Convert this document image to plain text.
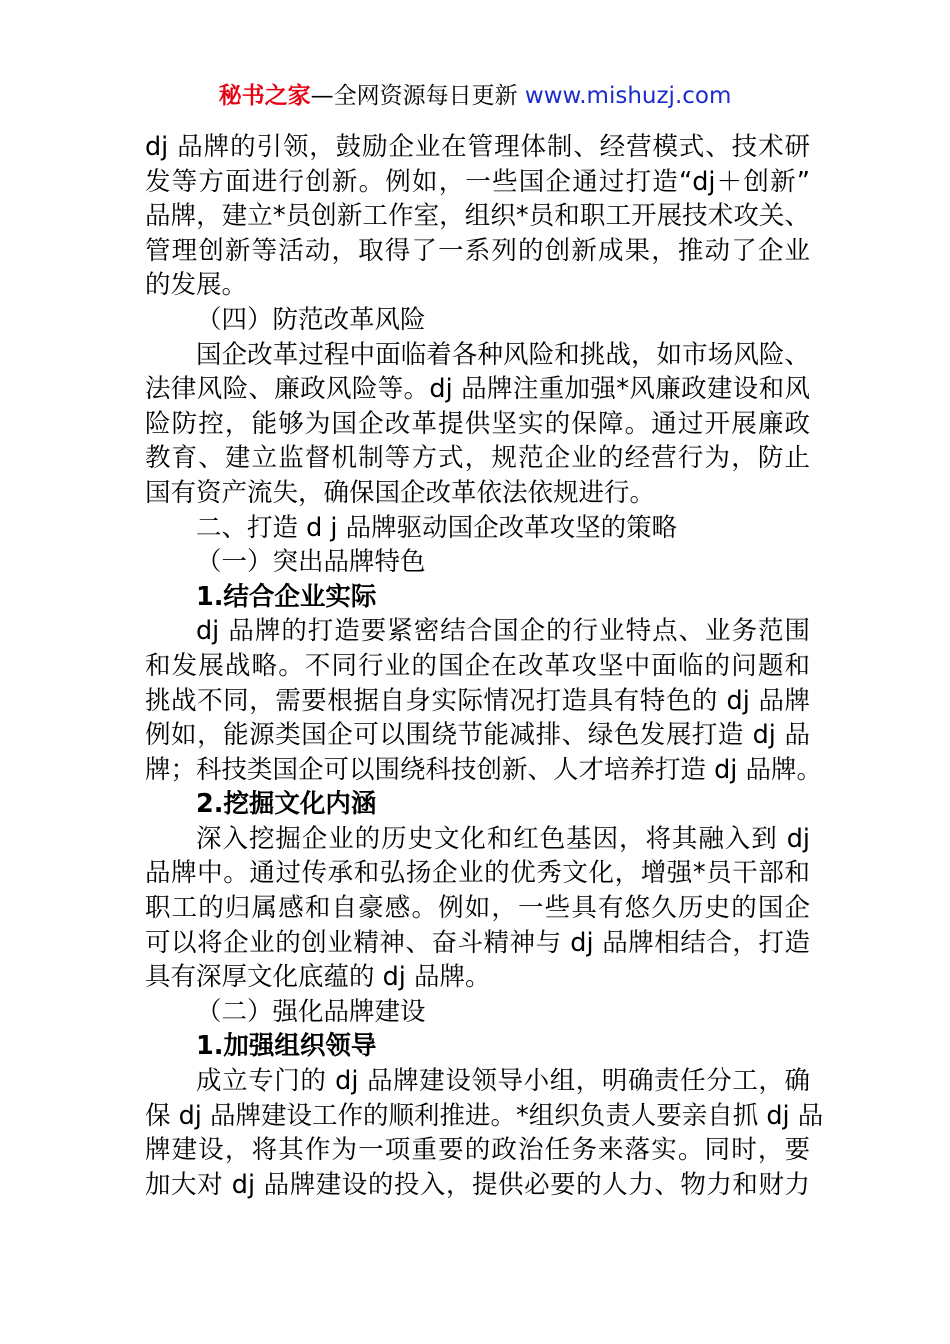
秘书之家—全网资源每日更新 www.mishuzj.com

dj 品牌的引领，鼓励企业在管理体制、经营模式、技术研
发等方面进行创新。例如，一些国企通过打造“dj＋创新”
品牌，建立*员创新工作室，组织*员和职工开展技术攻关、
管理创新等活动，取得了一系列的创新成果，推动了企业
的发展。
（四）防范改革风险
国企改革过程中面临着各种风险和挑战，如市场风险、
法律风险、廉政风险等。dj 品牌注重加强*风廉政建设和风
险防控，能够为国企改革提供坚实的保障。通过开展廉政
教育、建立监督机制等方式，规范企业的经营行为，防止
国有资产流失，确保国企改革依法依规进行。
二、打造 d j 品牌驱动国企改革攻坚的策略
（一）突出品牌特色
1.结合企业实际
dj 品牌的打造要紧密结合国企的行业特点、业务范围
和发展战略。不同行业的国企在改革攻坚中面临的问题和
挑战不同，需要根据自身实际情况打造具有特色的 dj 品牌
例如，能源类国企可以围绕节能减排、绿色发展打造 dj 品
牌；科技类国企可以围绕科技创新、人才培养打造 dj 品牌。
2.挖掘文化内涵
深入挖掘企业的历史文化和红色基因，将其融入到 dj
品牌中。通过传承和弘扬企业的优秀文化，增强*员干部和
职工的归属感和自豪感。例如，一些具有悠久历史的国企
可以将企业的创业精神、奋斗精神与 dj 品牌相结合，打造
具有深厚文化底蕴的 dj 品牌。
（二）强化品牌建设
1.加强组织领导
成立专门的 dj 品牌建设领导小组，明确责任分工，确
保 dj 品牌建设工作的顺利推进。*组织负责人要亲自抓 dj 品
牌建设，将其作为一项重要的政治任务来落实。同时，要
加大对 dj 品牌建设的投入，提供必要的人力、物力和财力
